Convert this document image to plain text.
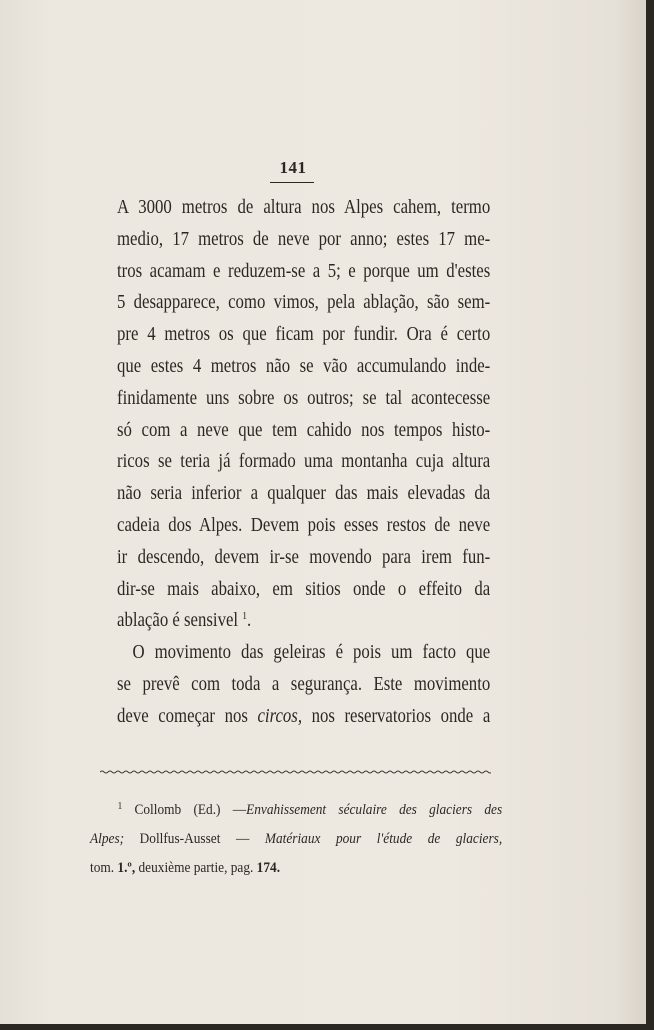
141
A 3000 metros de altura nos Alpes cahem, termo
medio, 17 metros de neve por anno; estes 17 me-
tros acamam e reduzem-se a 5; e porque um d'estes
5 desapparece, como vimos, pela ablação, são sem-
pre 4 metros os que ficam por fundir. Ora é certo
que estes 4 metros não se vão accumulando inde-
finidamente uns sobre os outros; se tal acontecesse
só com a neve que tem cahido nos tempos histo-
ricos se teria já formado uma montanha cuja altura
não seria inferior a qualquer das mais elevadas da
cadeia dos Alpes. Devem pois esses restos de neve
ir descendo, devem ir-se movendo para irem fun-
dir-se mais abaixo, em sitios onde o effeito da
ablação é sensivel $^1$.
O movimento das geleiras é pois um facto que
se prevê com toda a segurança. Este movimento
deve começar nos circos, nos reservatorios onde a
$^1$ Collomb (Ed.) —Envahissement séculaire des glaciers des
Alpes; Dollfus-Ausset — Matériaux pour l'étude de glaciers,
tom. 1.º, deuxième partie, pag. 174.
